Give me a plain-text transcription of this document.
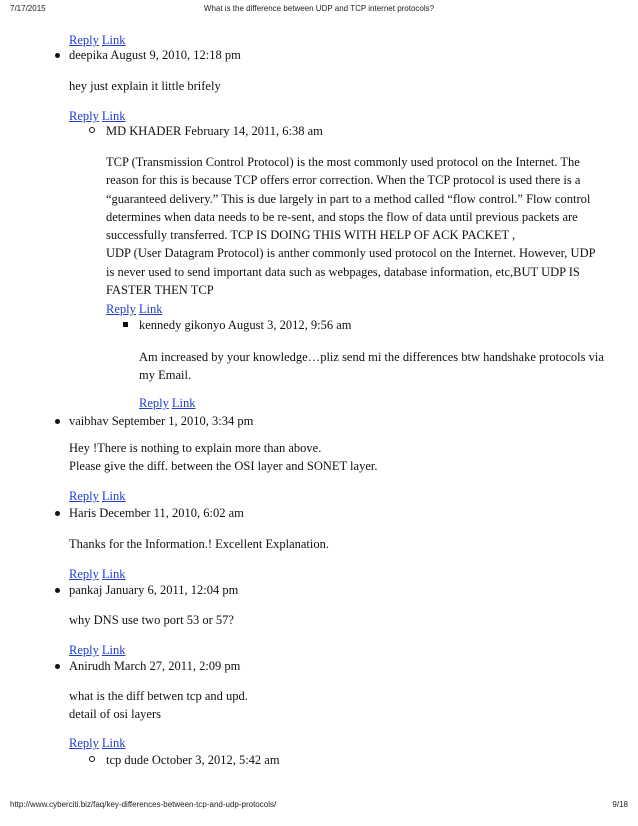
7/17/2015	What is the difference between UDP and TCP internet protocols?
Reply Link
deepika August 9, 2010, 12:18 pm
hey just explain it little brifely
Reply Link
MD KHADER February 14, 2011, 6:38 am
TCP (Transmission Control Protocol) is the most commonly used protocol on the Internet. The
reason for this is because TCP offers error correction. When the TCP protocol is used there is a
“guaranteed delivery.” This is due largely in part to a method called “flow control.” Flow control
determines when data needs to be re-sent, and stops the flow of data until previous packets are
successfully transferred. TCP IS DOING THIS WITH HELP OF ACK PACKET ,
UDP (User Datagram Protocol) is anther commonly used protocol on the Internet. However, UDP
is never used to send important data such as webpages, database information, etc,BUT UDP IS
FASTER THEN TCP
Reply Link
kennedy gikonyo August 3, 2012, 9:56 am
Am increased by your knowledge…pliz send mi the differences btw handshake protocols via
my Email.
Reply Link
vaibhav September 1, 2010, 3:34 pm
Hey !There is nothing to explain more than above.
Please give the diff. between the OSI layer and SONET layer.
Reply Link
Haris December 11, 2010, 6:02 am
Thanks for the Information.! Excellent Explanation.
Reply Link
pankaj January 6, 2011, 12:04 pm
why DNS use two port 53 or 57?
Reply Link
Anirudh March 27, 2011, 2:09 pm
what is the diff betwen tcp and upd.
detail of osi layers
Reply Link
tcp dude October 3, 2012, 5:42 am
http://www.cyberciti.biz/faq/key-differences-between-tcp-and-udp-protocols/	9/18
